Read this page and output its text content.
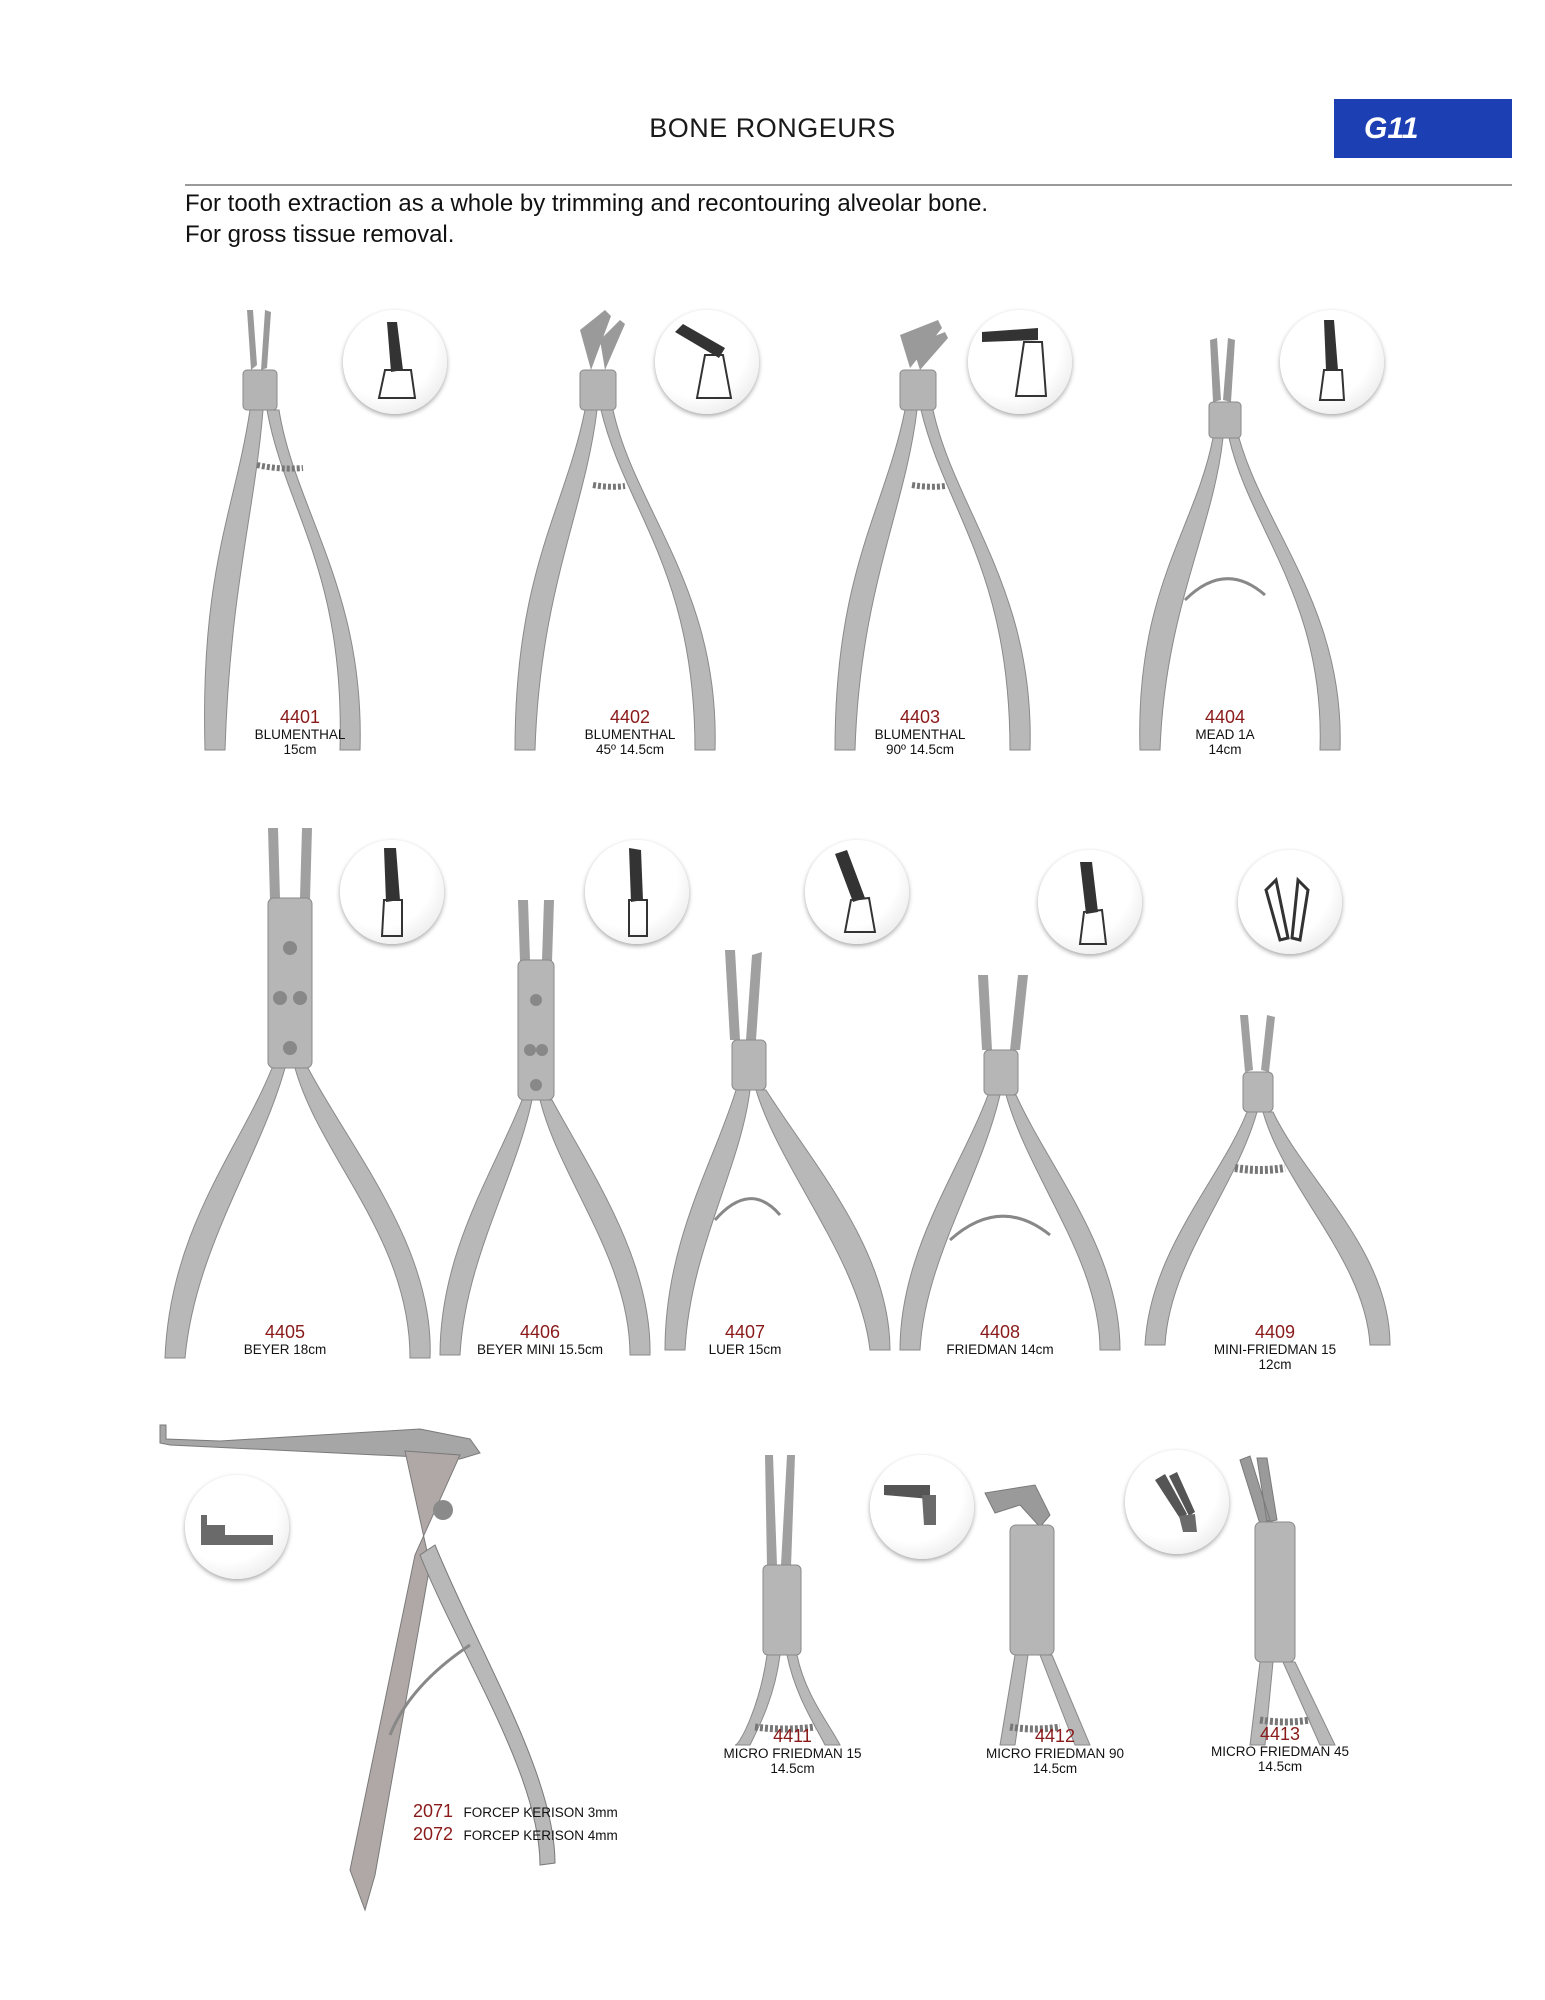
BONE RONGEURS	G11
For tooth extraction as a whole by trimming and recontouring alveolar bone.
For gross tissue removal.
4401
BLUMENTHAL
15cm
4402
BLUMENTHAL
45º 14.5cm
4403
BLUMENTHAL
90º 14.5cm
4404
MEAD 1A
14cm
4405
BEYER 18cm
4406
BEYER MINI 15.5cm
4407
LUER 15cm
4408
FRIEDMAN 14cm
4409
MINI-FRIEDMAN 15
12cm
2071 FORCEP KERISON 3mm
2072 FORCEP KERISON 4mm
4411
MICRO FRIEDMAN 15
14.5cm
4412
MICRO FRIEDMAN 90
14.5cm
4413
MICRO FRIEDMAN 45
14.5cm
